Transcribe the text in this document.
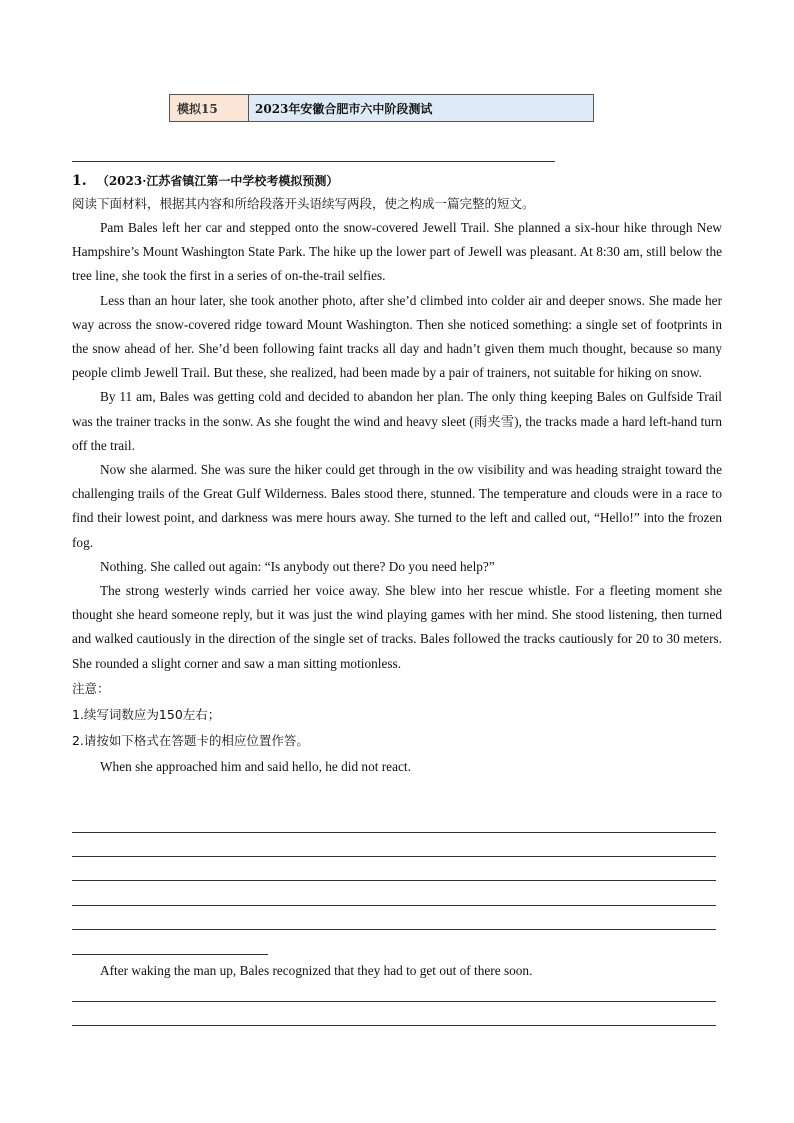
模拟15	2023年安徽合肥市六中阶段测试
1. （2023·江苏省镇江第一中学校考模拟预测）
阅读下面材料，根据其内容和所给段落开头语续写两段，使之构成一篇完整的短文。

Pam Bales left her car and stepped onto the snow-covered Jewell Trail. She planned a six-hour hike through New Hampshire’s Mount Washington State Park. The hike up the lower part of Jewell was pleasant. At 8:30 am, still below the tree line, she took the first in a series of on-the-trail selfies.

Less than an hour later, she took another photo, after she’d climbed into colder air and deeper snows. She made her way across the snow-covered ridge toward Mount Washington. Then she noticed something: a single set of footprints in the snow ahead of her. She’d been following faint tracks all day and hadn’t given them much thought, because so many people climb Jewell Trail. But these, she realized, had been made by a pair of trainers, not suitable for hiking on snow.

By 11 am, Bales was getting cold and decided to abandon her plan. The only thing keeping Bales on Gulfside Trail was the trainer tracks in the sonw. As she fought the wind and heavy sleet (雨夹雪), the tracks made a hard left-hand turn off the trail.

Now she alarmed. She was sure the hiker could get through in the ow visibility and was heading straight toward the challenging trails of the Great Gulf Wilderness. Bales stood there, stunned. The temperature and clouds were in a race to find their lowest point, and darkness was mere hours away. She turned to the left and called out, “Hello!” into the frozen fog.

Nothing. She called out again: “Is anybody out there? Do you need help?”

The strong westerly winds carried her voice away. She blew into her rescue whistle. For a fleeting moment she thought she heard someone reply, but it was just the wind playing games with her mind. She stood listening, then turned and walked cautiously in the direction of the single set of tracks. Bales followed the tracks cautiously for 20 to 30 meters. She rounded a slight corner and saw a man sitting motionless.

注意：
1.续写词数应为150左右；
2.请按如下格式在答题卡的相应位置作答。

When she approached him and said hello, he did not react.

After waking the man up, Bales recognized that they had to get out of there soon.
